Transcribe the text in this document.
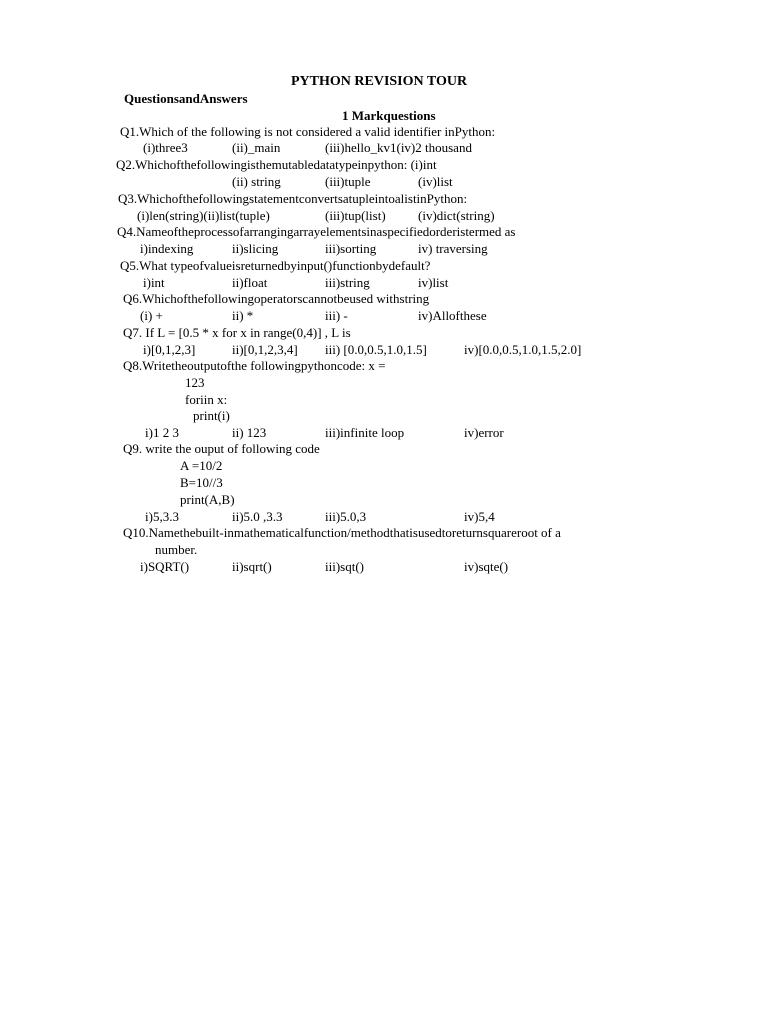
PYTHON REVISION TOUR
QuestionsandAnswers
1 Markquestions
Q1.Which of the following is not considered a valid identifier inPython:
(i)three3	(ii)_main	(iii)hello_kv1(iv)2 thousand
Q2.Whichofthefollowingisthemutabledatatypeinpython: (i)int
(ii) string	(iii)tuple	(iv)list
Q3.WhichofthefollowingstatementconvertsatupleintoalistinPython:
(i)len(string)(ii)list(tuple)	(iii)tup(list) (iv)dict(string)
Q4.Nameoftheprocessofarrangingarrayelementsinaspecifiedorderistermed as
i)indexing	ii)slicing	iii)sorting	iv) traversing
Q5.What typeofvalueisreturnedbyinput()functionbydefault?
i)int	ii)float	iii)string	iv)list
Q6.Whichofthefollowingoperatorscannotbeused withstring
(i) +	ii) *	iii) -	iv)Allofthese
Q7. If L = [0.5 * x for x in range(0,4)] , L is
i)[0,1,2,3]	ii)[0,1,2,3,4] iii) [0.0,0.5,1.0,1.5]	iv)[0.0,0.5,1.0,1.5,2.0]
Q8.Writetheoutputofthe followingpythoncode: x =
123
foriin x:
print(i)
i)1 2 3	ii) 123	iii)infinite loop	iv)error
Q9. write the ouput of following code
A =10/2
B=10//3
print(A,B)
i)5,3.3	ii)5.0 ,3.3	iii)5.0,3	iv)5,4
Q10.Namethebuilt-inmathematicalfunction/methodthatisusedtoreturnsquareroot of a
number.
i)SQRT()	ii)sqrt()	iii)sqt()	iv)sqte()
